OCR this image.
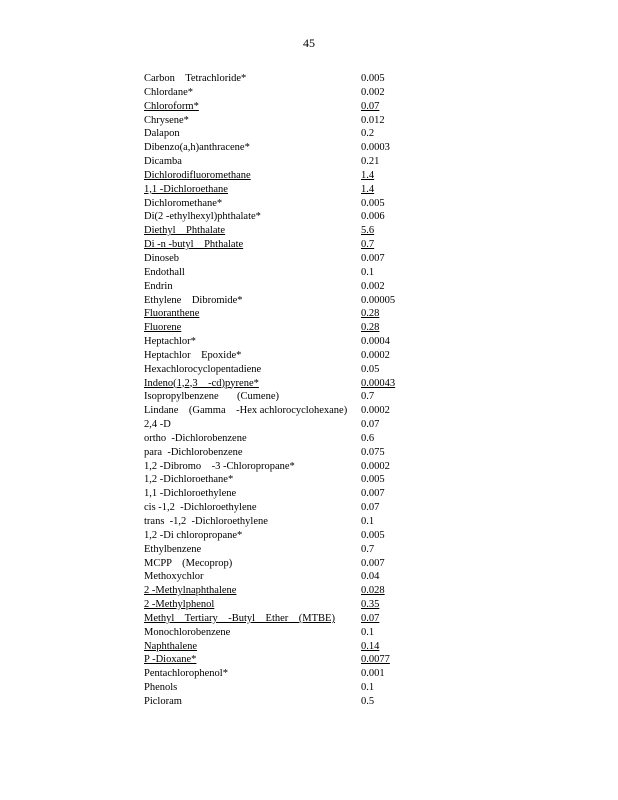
45
Carbon    Tetrachloride*	0.005
Chlordane*	0.002
Chloroform*	0.07
Chrysene*	0.012
Dalapon	0.2
Dibenzo(a,h)anthracene*	0.0003
Dicamba	0.21
Dichlorodifluoromethane	1.4
1,1 -Dichloroethane	1.4
Dichloromethane*	0.005
Di(2 -ethylhexyl)phthalate*	0.006
Diethyl    Phthalate	5.6
Di -n -butyl    Phthalate	0.7
Dinoseb	0.007
Endothall	0.1
Endrin	0.002
Ethylene    Dibromide*	0.00005
Fluoranthene	0.28
Fluorene	0.28
Heptachlor*	0.0004
Heptachlor    Epoxide*	0.0002
Hexachlorocyclopentadiene	0.05
Indeno(1,2,3    -cd)pyrene*	0.00043
Isopropylbenzene       (Cumene)	0.7
Lindane    (Gamma    -Hex achlorocyclohexane) 0.0002
2,4 -D	0.07
ortho  -Dichlorobenzene	0.6
para  -Dichlorobenzene	0.075
1,2 -Dibromo    -3 -Chloropropane*	0.0002
1,2 -Dichloroethane*	0.005
1,1 -Dichloroethylene	0.007
cis -1,2  -Dichloroethylene	0.07
trans  -1,2  -Dichloroethylene	0.1
1,2 -Di chloropropane*	0.005
Ethylbenzene	0.7
MCPP    (Mecoprop)	0.007
Methoxychlor	0.04
2 -Methylnaphthalene	0.028
2 -Methylphenol	0.35
Methyl    Tertiary    -Butyl    Ether    (MTBE) 0.07
Monochlorobenzene	0.1
Naphthalene	0.14
P -Dioxane*	0.0077
Pentachlorophenol*	0.001
Phenols	0.1
Picloram	0.5
